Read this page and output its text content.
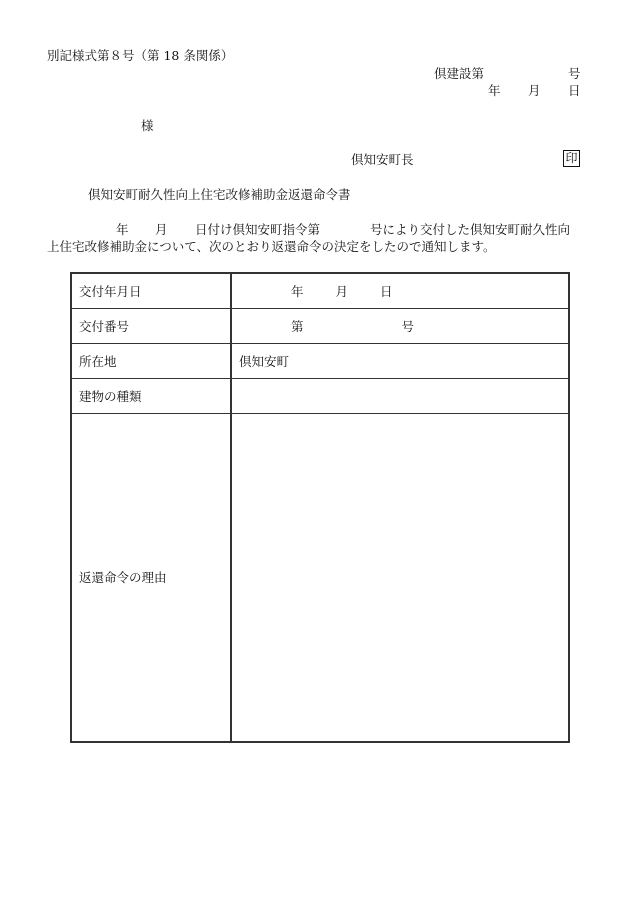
別記様式第８号（第 18 条関係）
倶建設第	号
年 月 日
様
倶知安町長	印
倶知安町耐久性向上住宅改修補助金返還命令書
年 月 日付け倶知安町指令第	号により交付した倶知安町耐久性向
上住宅改修補助金について、次のとおり返還命令の決定をしたので通知します。
交付年月日	年 月 日
交付番号	第 号
所在地	倶知安町
建物の種類	
返還命令の理由	
